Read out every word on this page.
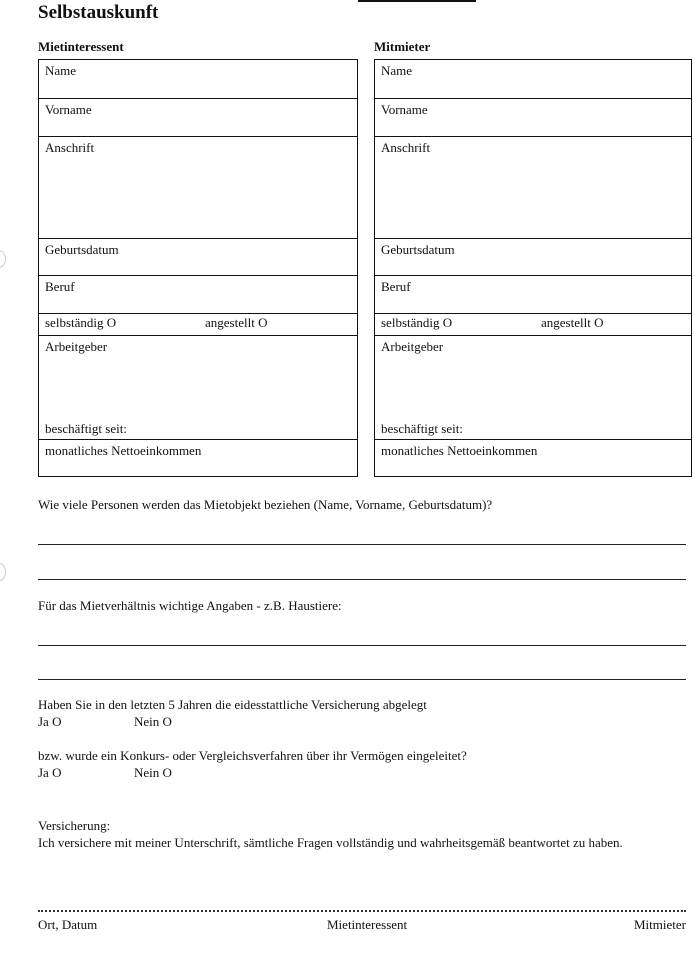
Selbstauskunft
Mietinteressent
Name
Vorname
Anschrift
Geburtsdatum
Beruf
selbständig O	angestellt O
Arbeitgeber
beschäftigt seit:
monatliches Nettoeinkommen
Mitmieter
Name
Vorname
Anschrift
Geburtsdatum
Beruf
selbständig O	angestellt O
Arbeitgeber
beschäftigt seit:
monatliches Nettoeinkommen
Wie viele Personen werden das Mietobjekt beziehen (Name, Vorname, Geburtsdatum)?
Für das Mietverhältnis wichtige Angaben - z.B. Haustiere:
Haben Sie in den letzten 5 Jahren die eidesstattliche Versicherung abgelegt
Ja O	Nein O
bzw. wurde ein Konkurs- oder Vergleichsverfahren über ihr Vermögen eingeleitet?
Ja O	Nein O
Versicherung:
Ich versichere mit meiner Unterschrift, sämtliche Fragen vollständig und wahrheitsgemäß beantwortet zu haben.
Ort, Datum	Mietinteressent	Mitmieter
